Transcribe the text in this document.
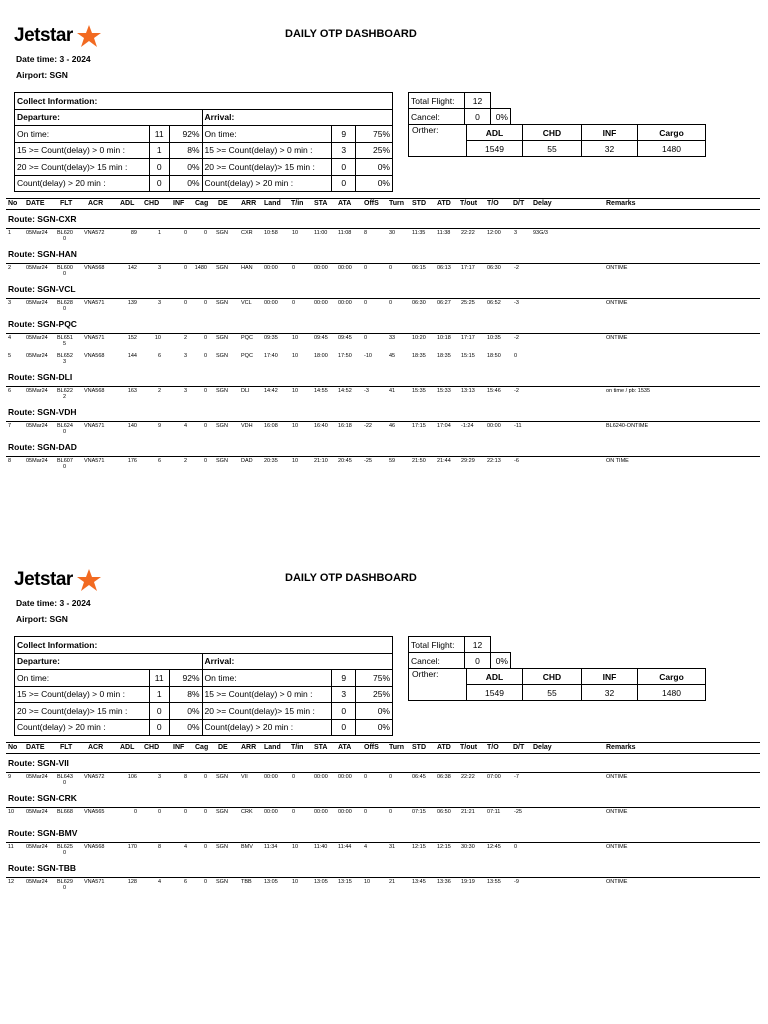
Jetstar	DAILY OTP DASHBOARD
Date time: 3 - 2024
Airport: SGN
Collect Information:					
Departure:			Arrival:		
On time:	11	92%	On time:	9	75%
15 >= Count(delay) > 0 min :	1	8%	15 >= Count(delay) > 0 min :	3	25%
20 >= Count(delay)> 15 min :	0	0%	20 >= Count(delay)> 15 min :	0	0%
Count(delay) > 20 min :	0	0%	Count(delay) > 20 min :	0	0%
Total Flight:	12	
Cancel:	0	0%
Orther:	ADL	CHD	INF	Cargo
	1549	55	32	1480
No DATE FLT ACR ADL CHD INF Cag DE ARR Land T/in STA ATA OffS Turn STD ATD T/out T/O D/T Delay	Remarks
Route: SGN-CXR
1	05Mar24 BL620 VNA572	89	1	0	0 SGN CXR 10:58	10	11:00 11:08 8	30	11:35 11:38 22:22 12:00 3	93G/3
0
Route: SGN-HAN
2	05Mar24 BL600 VNA568	142	3	0	1480 SGN HAN 00:00	0	00:00 00:00 0	0	06:15 06:13 17:17 06:30 -2	ONTIME
0
Route: SGN-VCL
3	05Mar24 BL628 VNA571	139	3	0	0 SGN VCL 00:00	0	00:00 00:00 0	0	06:30 06:27 25:25 06:52 -3	ONTIME
0
Route: SGN-PQC
4	05Mar24 BL651 VNA571	152	10	2	0 SGN PQC 09:35	10	09:45 09:45 0	33	10:20 10:18 17:17 10:35 -2	ONTIME
5
5	05Mar24 BL652 VNA568	144	6	3	0 SGN PQC 17:40	10	18:00 17:50 -10	45	18:35 18:35 15:15 18:50 0
3
Route: SGN-DLI
6	05Mar24 BL622 VNA568	163	2	3	0 SGN DLI	14:42	10	14:55 14:52 -3	41	15:35 15:33 13:13 15:46 -2	on time / pb: 1535
2
Route: SGN-VDH
7	05Mar24 BL624 VNA571	140	9	4	0 SGN VDH 16:08	10	16:40 16:18 -22	46	17:15 17:04 -1:24 00:00 -11	BL6240-ONTIME
0
Route: SGN-DAD
8	05Mar24 BL607 VNA571	176	6	2	0 SGN DAD 20:35	10	21:10 20:45 -25	59	21:50 21:44 29:29 22:13 -6	ON TIME
0
Jetstar	DAILY OTP DASHBOARD
Date time: 3 - 2024
Airport: SGN
Collect Information:					
Departure:			Arrival:		
On time:	11	92%	On time:	9	75%
15 >= Count(delay) > 0 min :	1	8%	15 >= Count(delay) > 0 min :	3	25%
20 >= Count(delay)> 15 min :	0	0%	20 >= Count(delay)> 15 min :	0	0%
Count(delay) > 20 min :	0	0%	Count(delay) > 20 min :	0	0%
Total Flight:	12	
Cancel:	0	0%
Orther:	ADL	CHD	INF	Cargo
	1549	55	32	1480
No DATE FLT ACR ADL CHD INF Cag DE ARR Land T/in STA ATA OffS Turn STD ATD T/out T/O D/T Delay	Remarks
Route: SGN-VII
9	05Mar24 BL643 VNA572	106	3	8	0 SGN VII	00:00	0	00:00 00:00 0	0	06:45 06:38 22:22 07:00 -7	ONTIME
0
Route: SGN-CRK
10 05Mar24 BL668 VNA565	0	0	0	0 SGN CRK 00:00	0	00:00 00:00 0	0	07:15 06:50 21:21 07:11 -25	ONTIME
Route: SGN-BMV
11 05Mar24 BL625 VNA568	170	8	4	0 SGN BMV 11:34	10	11:40 11:44 4	31	12:15 12:15 30:30 12:45 0	ONTIME
0
Route: SGN-TBB
12 05Mar24 BL629 VNA571	128	4	6	0 SGN TBB 13:05	10	13:05 13:15 10	21	13:45 13:36 19:19 13:55 -9	ONTIME
0
